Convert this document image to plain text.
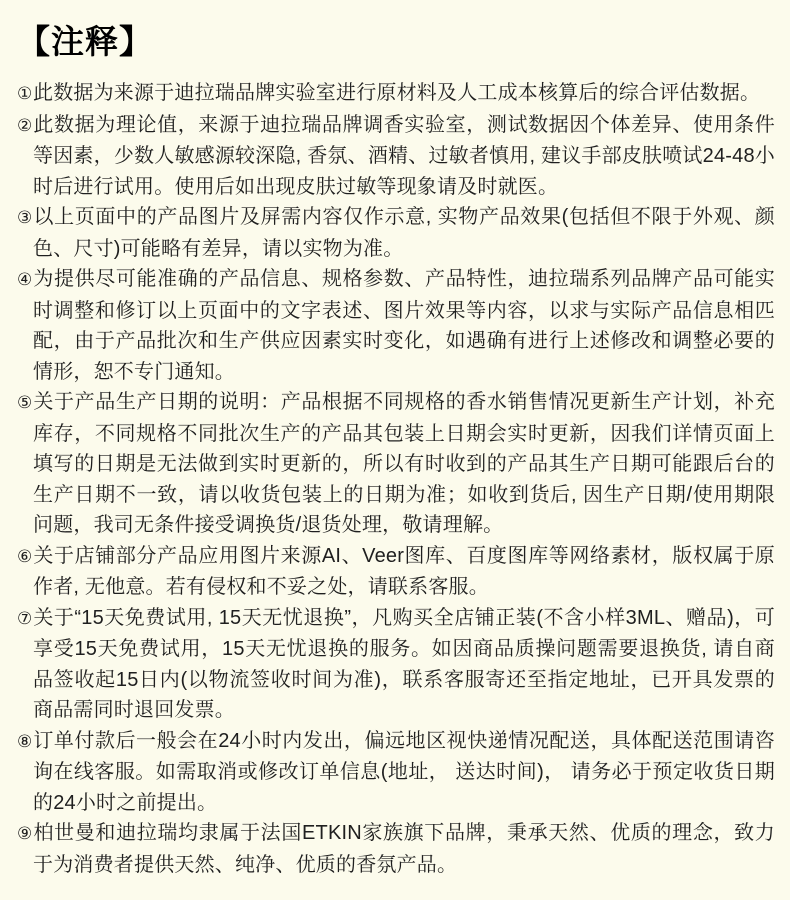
【注释】

①此数据为来源于迪拉瑞品牌实验室进行原材料及人工成本核算后的综合评估数据。

②此数据为理论值，来源于迪拉瑞品牌调香实验室，测试数据因个体差异、使用条件等因素，少数人敏感源较深隐, 香氛、酒精、过敏者慎用, 建议手部皮肤喷试24-48小时后进行试用。使用后如出现皮肤过敏等现象请及时就医。

③以上页面中的产品图片及屏需内容仅作示意, 实物产品效果(包括但不限于外观、颜色、尺寸)可能略有差异，请以实物为准。

④为提供尽可能准确的产品信息、规格参数、产品特性，迪拉瑞系列品牌产品可能实时调整和修订以上页面中的文字表述、图片效果等内容，以求与实际产品信息相匹配，由于产品批次和生产供应因素实时变化，如遇确有进行上述修改和调整必要的情形，恕不专门通知。

⑤关于产品生产日期的说明：产品根据不同规格的香水销售情况更新生产计划，补充库存，不同规格不同批次生产的产品其包装上日期会实时更新，因我们详情页面上填写的日期是无法做到实时更新的，所以有时收到的产品其生产日期可能跟后台的生产日期不一致，请以收货包装上的日期为准；如收到货后, 因生产日期/使用期限问题，我司无条件接受调换货/退货处理，敬请理解。

⑥关于店铺部分产品应用图片来源AI、Veer图库、百度图库等网络素材，版权属于原作者, 无他意。若有侵权和不妥之处，请联系客服。

⑦关于“15天免费试用, 15天无忧退换”，凡购买全店铺正装(不含小样3ML、赠品)，可享受15天免费试用，15天无忧退换的服务。如因商品质操问题需要退换货, 请自商品签收起15日内(以物流签收时间为准)，联系客服寄还至指定地址，已开具发票的商品需同时退回发票。

⑧订单付款后一般会在24小时内发出，偏远地区视快递情况配送，具体配送范围请咨询在线客服。如需取消或修改订单信息(地址， 送达时间)， 请务必于预定收货日期的24小时之前提出。

⑨柏世曼和迪拉瑞均隶属于法国ETKIN家族旗下品牌，秉承天然、优质的理念，致力于为消费者提供天然、纯净、优质的香氛产品。
